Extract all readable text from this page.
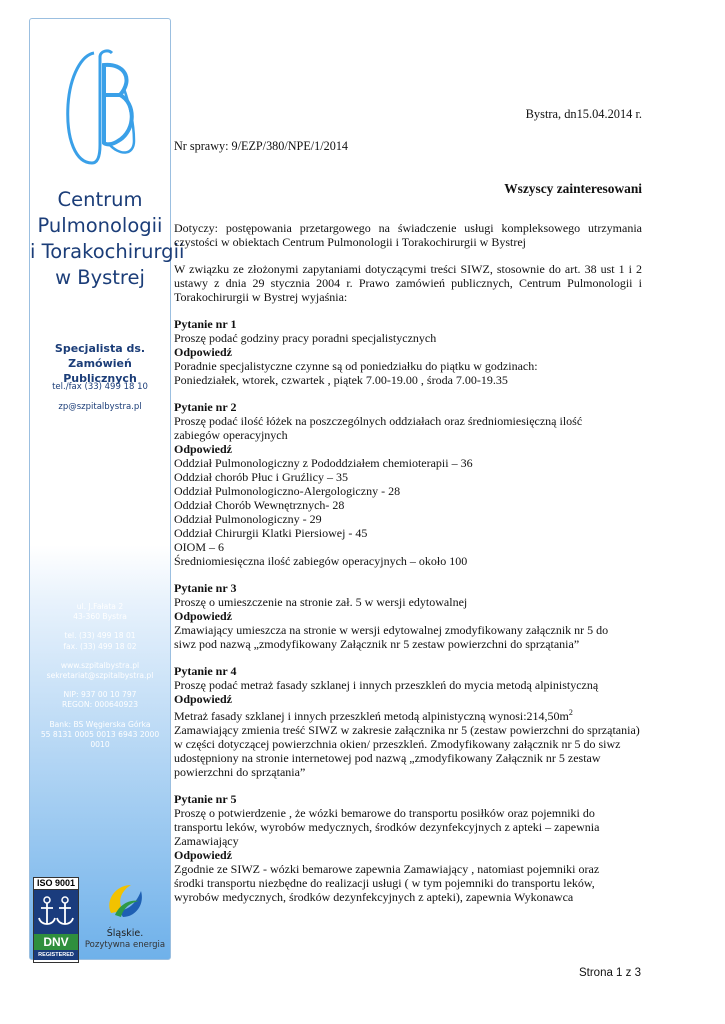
Centrum
Pulmonologii
i Torakochirurgii
w Bystrej
Specjalista ds.
Zamówień Publicznych
tel./fax (33) 499 18 10
zp@szpitalbystra.pl
ul. J.Fałata 2
43-360 Bystra
tel. (33) 499 18 01
fax. (33) 499 18 02
www.szpitalbystra.pl
sekretariat@szpitalbystra.pl
NIP: 937 00 10 797
REGON: 000640923
Bank: BS Węgierska Górka
55 8131 0005 0013 6943 2000 0010
ISO 9001
DNV
REGISTERED
Śląskie.
Pozytywna energia
Bystra, dn15.04.2014 r.
Nr sprawy: 9/EZP/380/NPE/1/2014
Wszyscy zainteresowani

Dotyczy: postępowania przetargowego na świadczenie usługi kompleksowego utrzymania czystości w obiektach Centrum Pulmonologii i Torakochirurgii w Bystrej

W związku ze złożonymi zapytaniami dotyczącymi treści SIWZ, stosownie do art. 38 ust 1 i 2 ustawy z dnia 29 stycznia 2004 r. Prawo zamówień publicznych, Centrum Pulmonologii i Torakochirurgii w Bystrej wyjaśnia:

Pytanie nr 1

Proszę podać godziny pracy poradni specjalistycznych

Odpowiedź

Poradnie specjalistyczne czynne są od poniedziałku do piątku w godzinach:

Poniedziałek, wtorek, czwartek , piątek 7.00-19.00 , środa 7.00-19.35

Pytanie nr 2

Proszę podać ilość łóżek na poszczególnych oddziałach oraz średniomiesięczną ilość zabiegów operacyjnych

Odpowiedź

Oddział Pulmonologiczny z Pododdziałem chemioterapii – 36

Oddział chorób Płuc i Gruźlicy – 35

Oddział Pulmonologiczno-Alergologiczny - 28

Oddział Chorób Wewnętrznych- 28

Oddział Pulmonologiczny - 29

Oddział Chirurgii Klatki Piersiowej - 45

OIOM – 6

Średniomiesięczna ilość zabiegów operacyjnych – około 100

Pytanie nr 3

Proszę o umieszczenie na stronie zał. 5 w wersji edytowalnej

Odpowiedź

Zmawiający umieszcza na stronie w wersji edytowalnej zmodyfikowany załącznik nr 5 do siwz pod nazwą „zmodyfikowany Załącznik nr 5 zestaw powierzchni do sprzątania”

Pytanie nr 4

Proszę podać metraż fasady szklanej i innych przeszkleń do mycia metodą alpinistyczną

Odpowiedź

Metraż fasady szklanej i innych przeszkleń metodą alpinistyczną $wynosi:214,50m^2$

Zamawiający zmienia treść SIWZ w zakresie załącznika nr 5 (zestaw powierzchni do sprzątania) w części dotyczącej powierzchnia okien/ przeszkleń. Zmodyfikowany załącznik nr 5 do siwz udostępniony na stronie internetowej pod nazwą „zmodyfikowany Załącznik nr 5 zestaw powierzchni do sprzątania”

Pytanie nr 5

Proszę o potwierdzenie , że wózki bemarowe do transportu posiłków oraz pojemniki do transportu leków, wyrobów medycznych, środków dezynfekcyjnych z apteki – zapewnia Zamawiający

Odpowiedź

Zgodnie ze SIWZ - wózki bemarowe zapewnia Zamawiający , natomiast pojemniki oraz środki transportu niezbędne do realizacji usługi ( w tym pojemniki do transportu leków, wyrobów medycznych, środków dezynfekcyjnych z apteki), zapewnia Wykonawca

Strona 1 z 3
